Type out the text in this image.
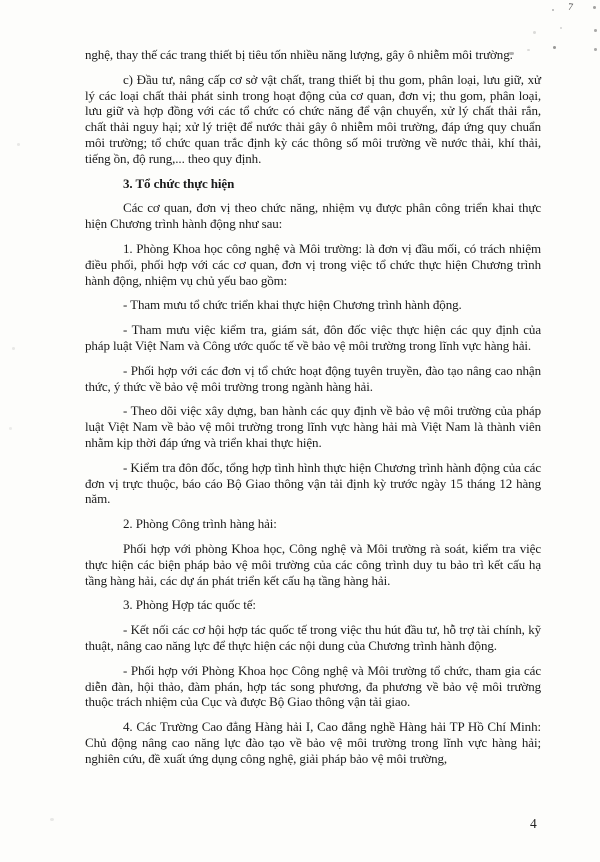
7

nghệ, thay thế các trang thiết bị tiêu tốn nhiều năng lượng, gây ô nhiễm môi trường.

c) Đầu tư, nâng cấp cơ sở vật chất, trang thiết bị thu gom, phân loại, lưu giữ, xử lý các loại chất thải phát sinh trong hoạt động của cơ quan, đơn vị; thu gom, phân loại, lưu giữ và hợp đồng với các tổ chức có chức năng để vận chuyển, xử lý chất thải rắn, chất thải nguy hại; xử lý triệt để nước thải gây ô nhiễm môi trường, đáp ứng quy chuẩn môi trường; tổ chức quan trắc định kỳ các thông số môi trường về nước thải, khí thải, tiếng ồn, độ rung,... theo quy định.

3. Tổ chức thực hiện

Các cơ quan, đơn vị theo chức năng, nhiệm vụ được phân công triển khai thực hiện Chương trình hành động như sau:

1. Phòng Khoa học công nghệ và Môi trường: là đơn vị đầu mối, có trách nhiệm điều phối, phối hợp với các cơ quan, đơn vị trong việc tổ chức thực hiện Chương trình hành động, nhiệm vụ chủ yếu bao gồm:

- Tham mưu tổ chức triển khai thực hiện Chương trình hành động.

- Tham mưu việc kiểm tra, giám sát, đôn đốc việc thực hiện các quy định của pháp luật Việt Nam và Công ước quốc tế về bảo vệ môi trường trong lĩnh vực hàng hải.

- Phối hợp với các đơn vị tổ chức hoạt động tuyên truyền, đào tạo nâng cao nhận thức, ý thức về bảo vệ môi trường trong ngành hàng hải.

- Theo dõi việc xây dựng, ban hành các quy định về bảo vệ môi trường của pháp luật Việt Nam về bảo vệ môi trường trong lĩnh vực hàng hải mà Việt Nam là thành viên nhằm kịp thời đáp ứng và triển khai thực hiện.

- Kiểm tra đôn đốc, tổng hợp tình hình thực hiện Chương trình hành động của các đơn vị trực thuộc, báo cáo Bộ Giao thông vận tải định kỳ trước ngày 15 tháng 12 hàng năm.

2. Phòng Công trình hàng hải:

Phối hợp với phòng Khoa học, Công nghệ và Môi trường rà soát, kiểm tra việc thực hiện các biện pháp bảo vệ môi trường của các công trình duy tu bảo trì kết cấu hạ tầng hàng hải, các dự án phát triển kết cấu hạ tầng hàng hải.

3. Phòng Hợp tác quốc tế:

- Kết nối các cơ hội hợp tác quốc tế trong việc thu hút đầu tư, hỗ trợ tài chính, kỹ thuật, nâng cao năng lực để thực hiện các nội dung của Chương trình hành động.

- Phối hợp với Phòng Khoa học Công nghệ và Môi trường tổ chức, tham gia các diễn đàn, hội thảo, đàm phán, hợp tác song phương, đa phương về bảo vệ môi trường thuộc trách nhiệm của Cục và được Bộ Giao thông vận tải giao.

4. Các Trường Cao đẳng Hàng hải I, Cao đẳng nghề Hàng hải TP Hồ Chí Minh: Chủ động nâng cao năng lực đào tạo về bảo vệ môi trường trong lĩnh vực hàng hải; nghiên cứu, đề xuất ứng dụng công nghệ, giải pháp bảo vệ môi trường,

4
